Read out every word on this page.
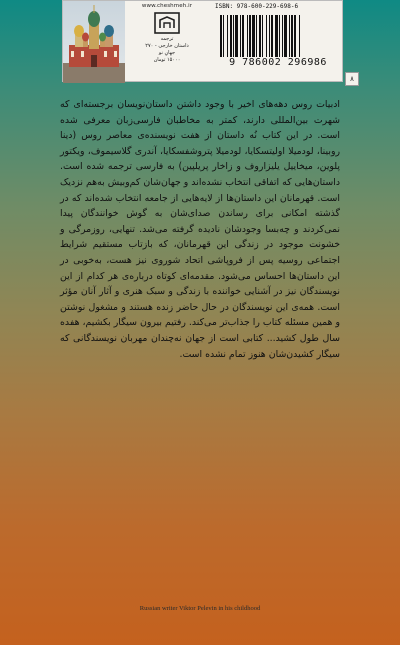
www.cheshmeh.ir
ترجمه
داستان خارجی - ۲۷۰
جهانِ نو
۱۵۰۰۰ تومان
ISBN: 978-600-229-698-6
9 786002 296986
۸

ادبیات روس دهه‌های اخیر با وجود داشتن داستان‌نویسان برجسته‌ای که شهرت بین‌المللی دارند، کمتر به مخاطبان فارسی‌زبان معرفی شده است. در این کتاب نُه داستان از هفت نویسنده‌ی معاصر روس (دینا روبینا، لودمیلا اولیتسکایا، لودمیلا پتروشفسکایا، آندری گلاسیموف، ویکتور پلوین، میخاییل یلیزاروف و زاخار پریلپین) به فارسی ترجمه شده است. داستان‌هایی که اتفاقی انتخاب نشده‌اند و جهان‌شان کم‌وبیش به‌هم نزدیک است. قهرمانان این داستان‌ها از لایه‌هایی از جامعه انتخاب شده‌اند که در گذشته امکانی برای رساندن صدای‌شان به گوش خوانندگان پیدا نمی‌کردند و چه‌بسا وجودشان نادیده گرفته می‌شد. تنهایی، روزمرگی و خشونت موجود در زندگی این قهرمانان، که بازتاب مستقیم شرایط اجتماعی روسیه پس از فروپاشی اتحاد شوروی نیز هست، به‌خوبی در این داستان‌ها احساس می‌شود. مقدمه‌ای کوتاه درباره‌ی هر کدام از این نویسندگان نیز در آشنایی خواننده با زندگی و سبک هنری و آثار آنان مؤثر است. همه‌ی این نویسندگان در حال حاضر زنده هستند و مشغول نوشتن و همین مسئله کتاب را جذاب‌تر می‌کند. رفتیم بیرون سیگار بکشیم، هفده سال طول کشید... کتابی است از جهان نه‌چندان مهربان نویسندگانی که سیگار کشیدن‌شان هنوز تمام نشده است.

Russian writer Viktor Pelevin in his childhood
